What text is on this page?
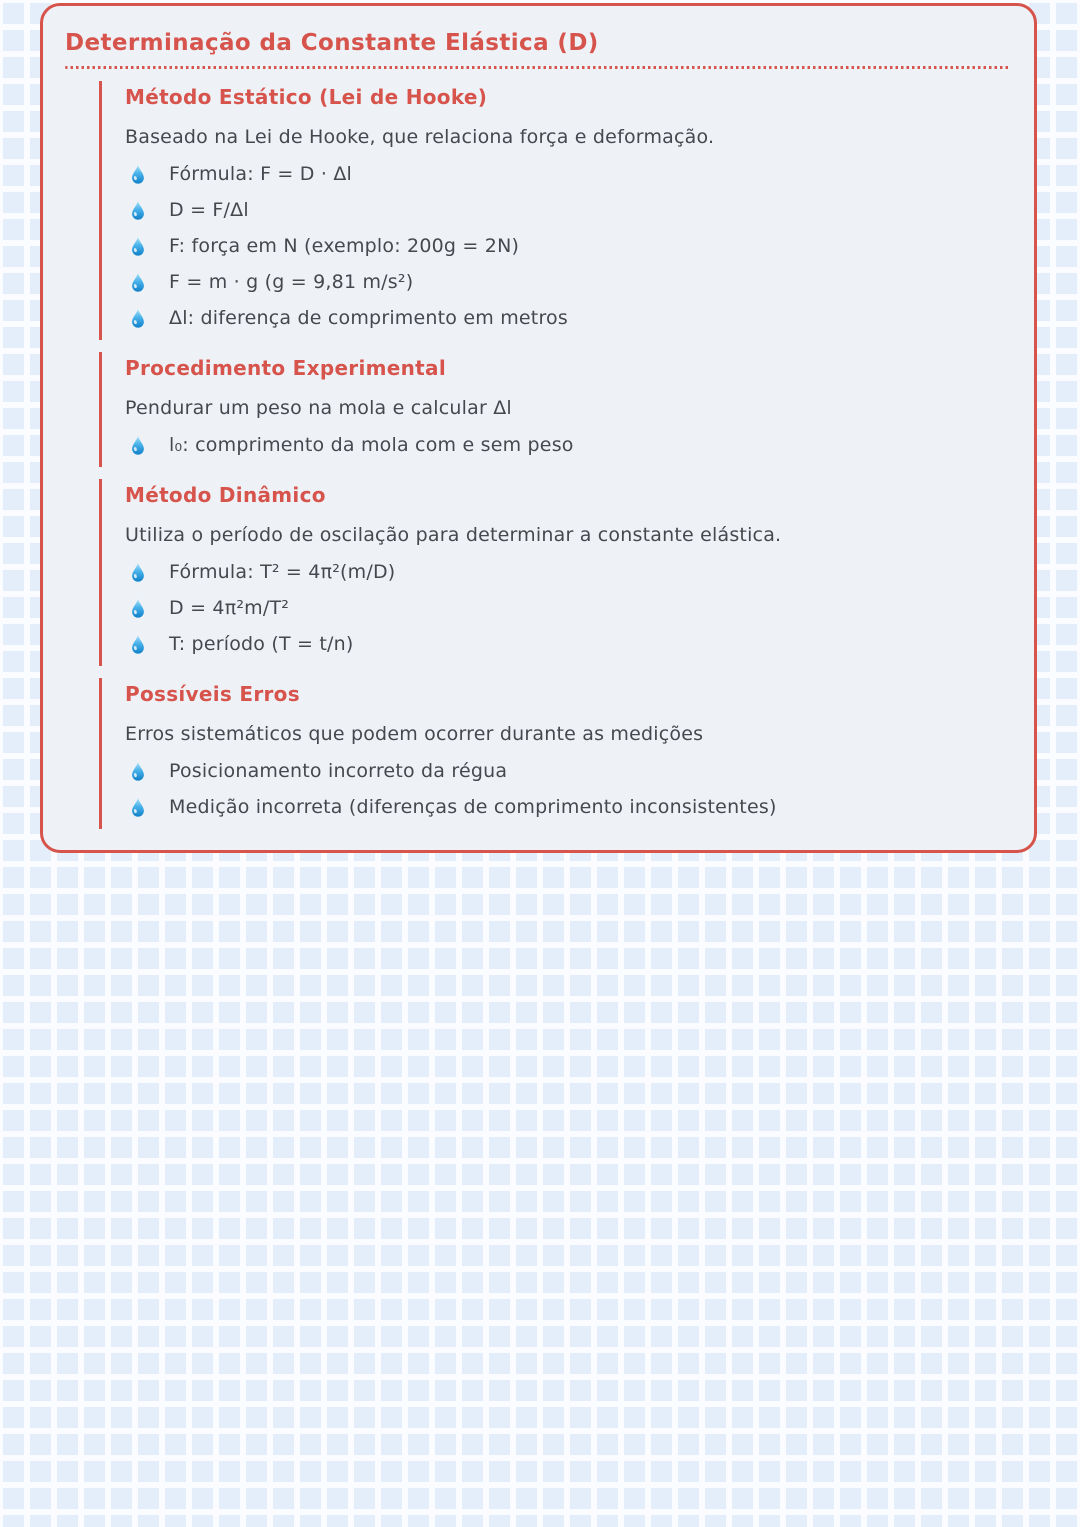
Determinação da Constante Elástica (D)
Método Estático (Lei de Hooke)

Baseado na Lei de Hooke, que relaciona força e deformação.

Fórmula: F = D · Δl
D = F/Δl
F: força em N (exemplo: 200g = 2N)
F = m · g (g = 9,81 m/s²)
Δl: diferença de comprimento em metros
Procedimento Experimental

Pendurar um peso na mola e calcular Δl

l₀: comprimento da mola com e sem peso
Método Dinâmico

Utiliza o período de oscilação para determinar a constante elástica.

Fórmula: T² = 4π²(m/D)
D = 4π²m/T²
T: período (T = t/n)
Possíveis Erros

Erros sistemáticos que podem ocorrer durante as medições

Posicionamento incorreto da régua
Medição incorreta (diferenças de comprimento inconsistentes)
